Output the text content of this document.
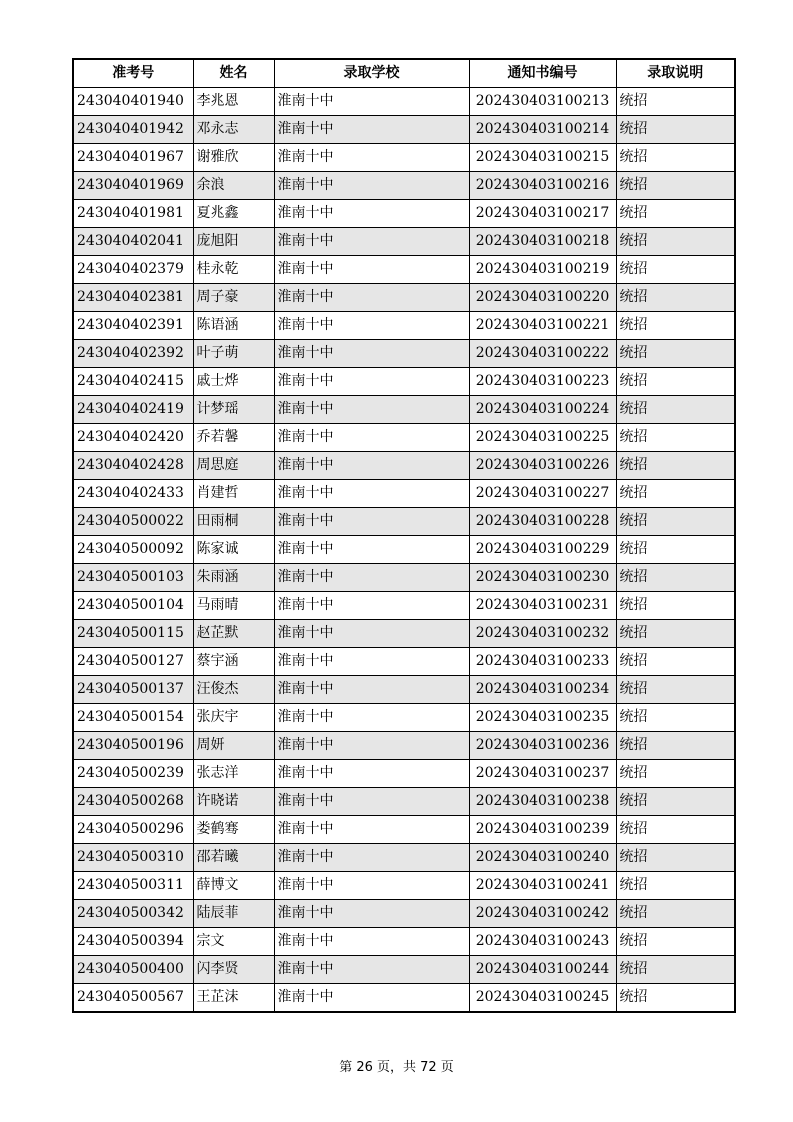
准考号	姓名	录取学校	通知书编号	录取说明
243040401940	李兆恩	淮南十中	202430403100213	统招
243040401942	邓永志	淮南十中	202430403100214	统招
243040401967	谢雅欣	淮南十中	202430403100215	统招
243040401969	余浪	淮南十中	202430403100216	统招
243040401981	夏兆鑫	淮南十中	202430403100217	统招
243040402041	庞旭阳	淮南十中	202430403100218	统招
243040402379	桂永乾	淮南十中	202430403100219	统招
243040402381	周子豪	淮南十中	202430403100220	统招
243040402391	陈语涵	淮南十中	202430403100221	统招
243040402392	叶子萌	淮南十中	202430403100222	统招
243040402415	戚士烨	淮南十中	202430403100223	统招
243040402419	计梦瑶	淮南十中	202430403100224	统招
243040402420	乔若馨	淮南十中	202430403100225	统招
243040402428	周思庭	淮南十中	202430403100226	统招
243040402433	肖建哲	淮南十中	202430403100227	统招
243040500022	田雨桐	淮南十中	202430403100228	统招
243040500092	陈家诚	淮南十中	202430403100229	统招
243040500103	朱雨涵	淮南十中	202430403100230	统招
243040500104	马雨晴	淮南十中	202430403100231	统招
243040500115	赵芷默	淮南十中	202430403100232	统招
243040500127	蔡宇涵	淮南十中	202430403100233	统招
243040500137	汪俊杰	淮南十中	202430403100234	统招
243040500154	张庆宇	淮南十中	202430403100235	统招
243040500196	周妍	淮南十中	202430403100236	统招
243040500239	张志洋	淮南十中	202430403100237	统招
243040500268	许晓诺	淮南十中	202430403100238	统招
243040500296	娄鹤骞	淮南十中	202430403100239	统招
243040500310	邵若曦	淮南十中	202430403100240	统招
243040500311	薛博文	淮南十中	202430403100241	统招
243040500342	陆辰菲	淮南十中	202430403100242	统招
243040500394	宗文	淮南十中	202430403100243	统招
243040500400	闪李贤	淮南十中	202430403100244	统招
243040500567	王芷沫	淮南十中	202430403100245	统招
第 26 页，共 72 页
